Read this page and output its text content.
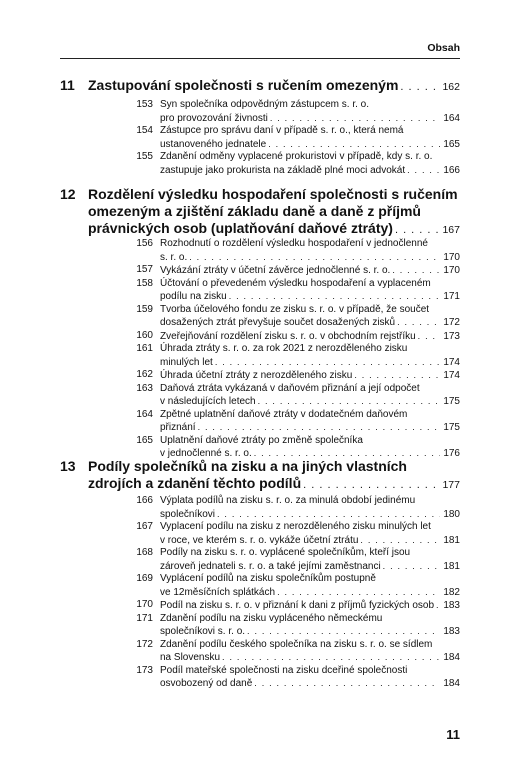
Obsah
11 Zastupování společnosti s ručením omezeným . . .	162
153 Syn společníka odpovědným zástupcem s. r. o.
pro provozování živnosti . . .	164
154 Zástupce pro správu daní v případě s. r. o., která nemá
ustanoveného jednatele . . .	165
155 Zdanění odměny vyplacené prokuristovi v případě, kdy s. r. o.
zastupuje jako prokurista na základě plné moci advokát . . .	166
12 Rozdělení výsledku hospodaření společnosti s ručením
omezeným a zjištění základu daně a daně z příjmů
právnických osob (uplatňování daňové ztráty) . . .	167
156 Rozhodnutí o rozdělení výsledku hospodaření v jednočlenné
s. r. o. . . .	170
157 Vykázání ztráty v účetní závěrce jednočlenné s. r. o. . . .	170
158 Účtování o převedeném výsledku hospodaření a vyplaceném
podílu na zisku . . .	171
159 Tvorba účelového fondu ze zisku s. r. o. v případě, že součet
dosažených ztrát převyšuje součet dosažených zisků . . .	172
160 Zveřejňování rozdělení zisku s. r. o. v obchodním rejstříku . . .	173
161 Úhrada ztráty s. r. o. za rok 2021 z nerozděleného zisku
minulých let . . .	174
162 Úhrada účetní ztráty z nerozděleného zisku . . .	174
163 Daňová ztráta vykázaná v daňovém přiznání a její odpočet
v následujících letech . . .	175
164 Zpětné uplatnění daňové ztráty v dodatečném daňovém
přiznání . . .	175
165 Uplatnění daňové ztráty po změně společníka
v jednočlenné s. r. o. . . .	176
13 Podíly společníků na zisku a na jiných vlastních
zdrojích a zdanění těchto podílů . . .	177
166 Výplata podílů na zisku s. r. o. za minulá období jedinému
společníkovi . . .	180
167 Vyplacení podílu na zisku z nerozděleného zisku minulých let
v roce, ve kterém s. r. o. vykáže účetní ztrátu . . .	181
168 Podíly na zisku s. r. o. vyplácené společníkům, kteří jsou
zároveň jednateli s. r. o. a také jejími zaměstnanci . . .	181
169 Vyplácení podílů na zisku společníkům postupně
ve 12měsíčních splátkách . . .	182
170 Podíl na zisku s. r. o. v přiznání k dani z příjmů fyzických osob . . . 183
171 Zdanění podílu na zisku vypláceného německému
společníkovi s. r. o. . . .	183
172 Zdanění podílu českého společníka na zisku s. r. o. se sídlem
na Slovensku . . .	184
173 Podíl mateřské společnosti na zisku dceřiné společnosti
osvobozený od daně . . .	184
11
